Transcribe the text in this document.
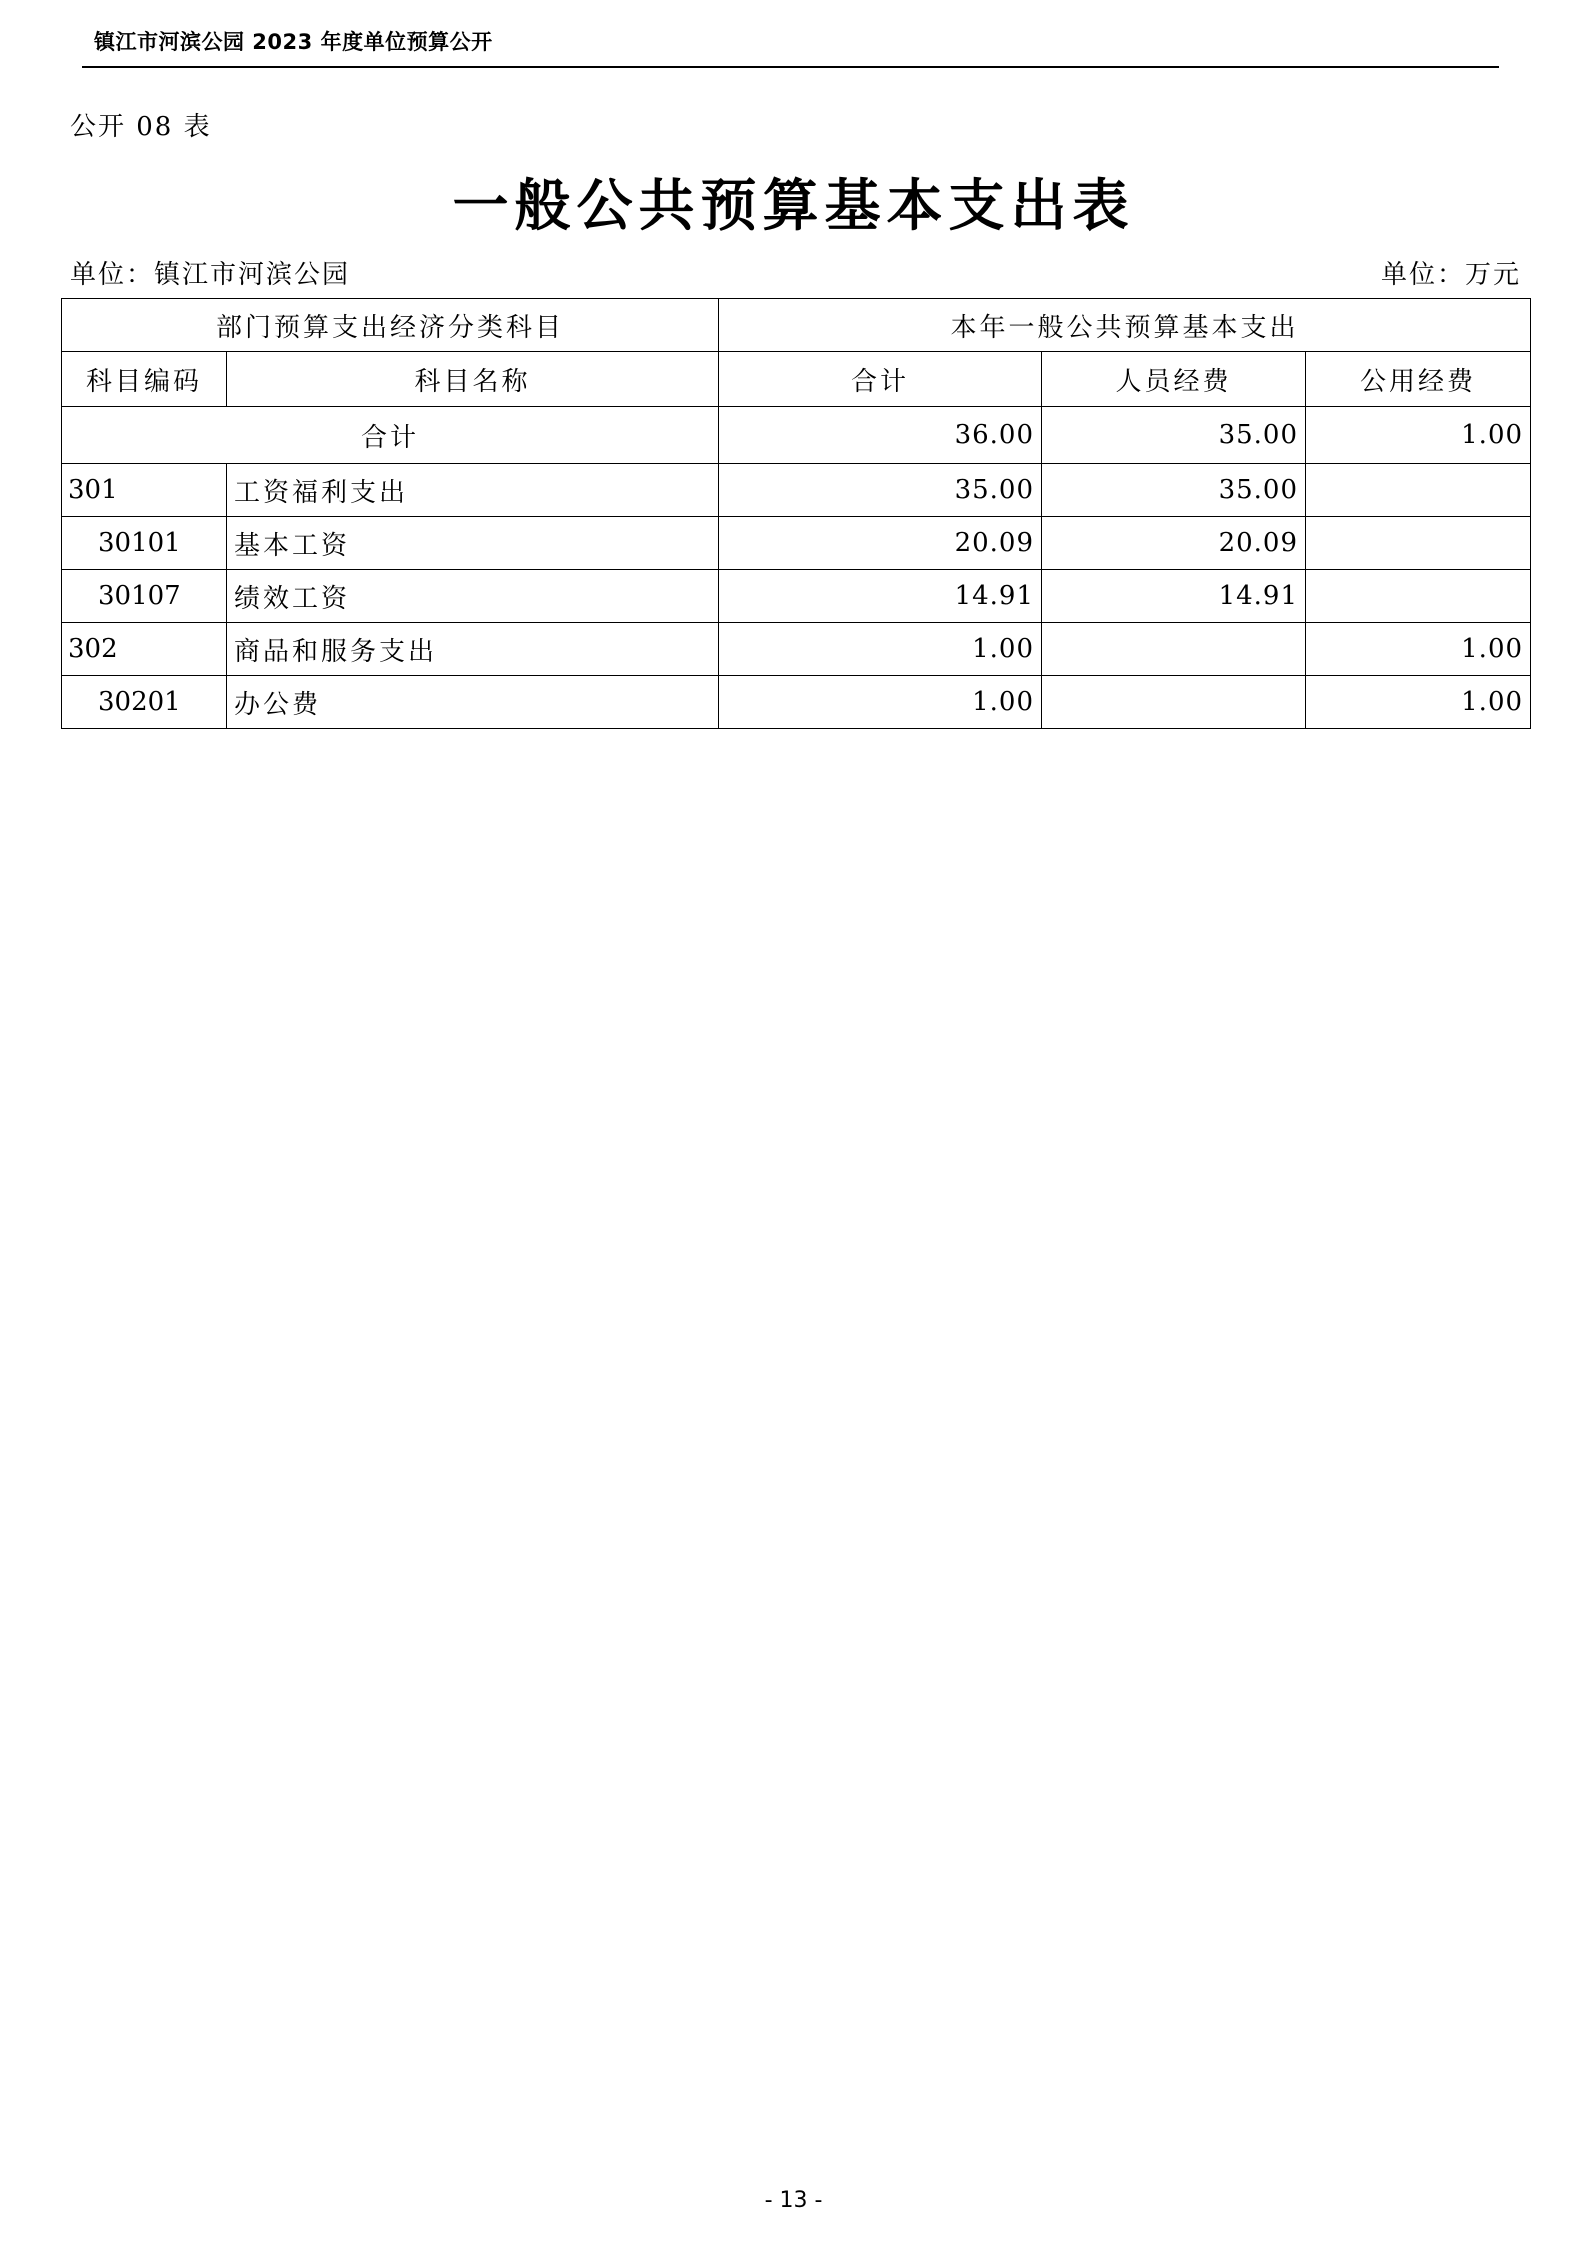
镇江市河滨公园 2023 年度单位预算公开
公开 08 表
一般公共预算基本支出表
单位：镇江市河滨公园	单位：万元
部门预算支出经济分类科目		本年一般公共预算基本支出		
科目编码	科目名称	合计	人员经费	公用经费
合计		36.00	35.00	1.00
301	工资福利支出	35.00	35.00	
30101	基本工资	20.09	20.09	
30107	绩效工资	14.91	14.91	
302	商品和服务支出	1.00		1.00
30201	办公费	1.00		1.00
- 13 -
